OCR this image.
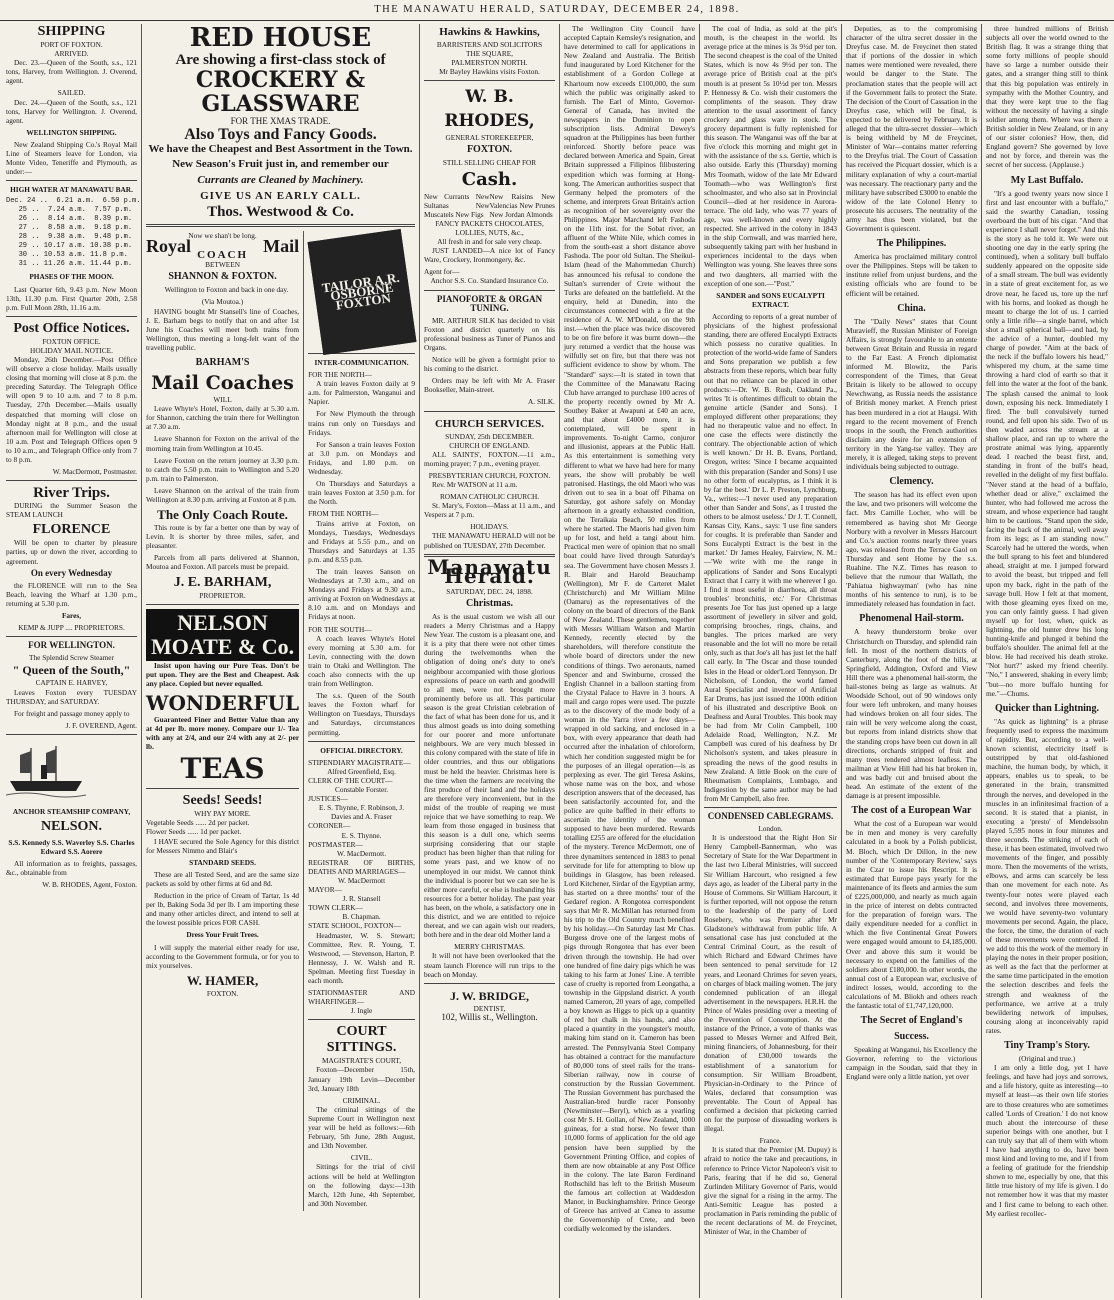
THE MANAWATU HERALD, SATURDAY, DECEMBER 24, 1898.
SHIPPING
PORT OF FOXTON.
ARRIVED.

Dec. 23.—Queen of the South, s.s., 121 tons, Harvey, from Wellington. J. Overend, agent.

SAILED.

Dec. 24.—Queen of the South, s.s., 121 tons, Harvey for Wellington. J. Overend, agent.

WELLINGTON SHIPPING.

New Zealand Shipping Co.'s Royal Mail Line of Steamers leave for London, via Monte Video, Teneriffe and Plymouth, as under:—

HIGH WATER AT MANAWATU BAR.
Dec. 24 ..  6.21 a.m.  6.50 p.m.
25 ..  7.24 a.m.  7.57 p.m.
26 ..  8.14 a.m.  8.39 p.m.
27 ..  8.58 a.m.  9.18 p.m.
28 ..  9.38 a.m.  9.48 p.m.
29 .. 10.17 a.m. 10.38 p.m.
30 .. 10.53 a.m. 11.8 p.m.
31 .. 11.26 a.m. 11.44 p.m.
PHASES OF THE MOON.

Last Quarter 6th, 9.43 p.m. New Moon 13th, 11.30 p.m. First Quarter 20th, 2.58 p.m. Full Moon 28th, 11.16 a.m.

Post Office Notices.
FOXTON OFFICE.
HOLIDAY MAIL NOTICE.

Monday, 26th December.—Post Office will observe a close holiday. Mails usually closing that morning will close at 8 p.m. the preceding Saturday. The Telegraph Office will open 9 to 10 a.m. and 7 to 8 p.m. Tuesday, 27th December.—Mails usually despatched that morning will close on Monday night at 8 p.m., and the usual afternoon mail for Wellington will close at 10 a.m. Post and Telegraph Offices open 9 to 10 a.m., and Telegraph Office only from 7 to 8 p.m.

W. MacDermott, Postmaster.
River Trips.

DURING the Summer Season the STEAM LAUNCH

FLORENCE

Will be open to charter by pleasure parties, up or down the river, according to agreement.

On every Wednesday

the FLORENCE will run to the Sea Beach, leaving the Wharf at 1.30 p.m., returning at 5.30 p.m.

Fares,
KEMP & JUPP .... PROPRIETORS.
FOR WELLINGTON.
The Splendid Screw Steamer
" Queen of the South,"
CAPTAIN E. HARVEY,

Leaves Foxton every TUESDAY THURSDAY, and SATURDAY.

For freight and passage money apply to

J. F. OVEREND, Agent.
ANCHOR STEAMSHIP COMPANY,
NELSON.
S.S. Kennedy S.S. Waverley S.S. Charles Edward S.S. Aorere

All information as to freights, passages, &c., obtainable from

W. B. RHODES, Agent, Foxton.
RED HOUSE
Are showing a first-class stock of
CROCKERY & GLASSWARE
FOR THE XMAS TRADE.
Also Toys and Fancy Goods.
We have the Cheapest and Best Assortment in the Town.
New Season's Fruit just in, and remember our
Currants are Cleaned by Machinery.
GIVE US AN EARLY CALL.
Thos. Westwood & Co.
Now we shan't be long.
Royal	Mail
COACH
BETWEEN
SHANNON & FOXTON.

Wellington to Foxton and back in one day.

(Via Moutoa.)

HAVING bought Mr Stansell's line of Coaches, J. E. Barham begs to notify that on and after 1st June his Coaches will meet both trains from Wellington, thus meeting a long-felt want of the travelling public.

BARHAM'S
Mail Coaches
WILL

Leave Whyte's Hotel, Foxton, daily at 5.30 a.m. for Shannon, catching the train there for Wellington at 7.30 a.m.

Leave Shannon for Foxton on the arrival of the morning train from Wellington at 10.45.

Leave Foxton on the return journey at 3.30 p.m. to catch the 5.50 p.m. train to Wellington and 5.20 p.m. train to Palmerston.

Leave Shannon on the arrival of the train from Wellington at 8.30 p.m. arriving at Foxton at 8 p.m.

The Only Coach Route.

This route is by far a better one than by way of Levin. It is shorter by three miles, safer, and pleasanter.

Parcels from all parts delivered at Shannon, Moutoa and Foxton. All parcels must be prepaid.

J. E. BARHAM,
PROPRIETOR.
NELSON MOATE & Co.

Insist upon having our Pure Teas. Don't be put upon. They are the Best and Cheapest. Ask any place. Copied but never equalled.

WONDERFUL

Guaranteed Finer and Better Value than any at 4d per lb. more money. Compare our 1/- Tea with any at 2/4, and our 2/4 with any at 2/- per lb.

TEAS
Seeds! Seeds!
WHY PAY MORE.
Vegetable Seeds ...... 2d per packet.
Flower Seeds ...... 1d per packet.

I HAVE secured the Sole Agency for this district for Messers Nimmo and Blair's

STANDARD SEEDS.

These are all Tested Seed, and are the same size packets as sold by other firms at 6d and 8d.

Reduction in the price of Cream of Tartar, 1s 4d per lb, Baking Soda 3d per lb. I am importing these and many other articles direct, and intend to sell at the lowest possible prices FOR CASH.

Dress Your Fruit Trees.

I will supply the material either ready for use, according to the Government formula, or for you to mix yourselves.

W. HAMER,
FOXTON.
TAILOR A.R. OSBORNE FOXTON
INTER-COMMUNICATION.
FOR THE NORTH—

A train leaves Foxton daily at 9 a.m. for Palmerston, Wanganui and Napier.

For New Plymouth the through trains run only on Tuesdays and Fridays.

For Sanson a train leaves Foxton at 3.0 p.m. on Mondays and Fridays, and 1.80 p.m. on Wednesday.

On Thursdays and Saturdays a train leaves Foxton at 3.50 p.m. for the North.

FROM THE NORTH—

Trains arrive at Foxton, on Mondays, Tuesdays, Wednesdays and Fridays at 5.55 p.m., and on Thursdays and Saturdays at 1.35 p.m. and 8.55 p.m.

The train leaves Sanson on Wednesdays at 7.30 a.m., and on Mondays and Fridays at 9.30 a.m., arriving at Foxton on Wednesdays at 8.10 a.m. and on Mondays and Fridays at noon.

FOR THE SOUTH—

A coach leaves Whyte's Hotel every morning at 5.30 a.m. for Levin, connecting with the down train to Otaki and Wellington. The coach also connects with the up train from Wellington.

The s.s. Queen of the South leaves the Foxton wharf for Wellington on Tuesdays, Thursdays and Saturdays, circumstances permitting.

OFFICIAL DIRECTORY.
STIPENDIARY MAGISTRATE—
Alfred Greenfield, Esq.
CLERK OF THE COURT—
Constable Forster.
JUSTICES—
E. S. Thynne, F. Robinson, J. Davies and A. Fraser
CORONER—
E. S. Thynne.
POSTMASTER—
W. MacDermott.
REGISTRAR OF BIRTHS, DEATHS AND MARRIAGES—
W. MacDermott
MAYOR—
J. R. Stansell
TOWN CLERK—
B. Chapman.
STATE SCHOOL, FOXTON—

Headmaster, W. S. Stewart; Committee, Rev. R. Young, T. Westwood, — Stevenson, Harton, P. Hennessy, J. W. Walsh and R. Spelman. Meeting first Tuesday in each month.

STATIONMASTER AND WHARFINGER—
J. Ingle
COURT SITTINGS.
MAGISTRATE'S COURT,

Foxton—December 15th, January 19th Levin—December 3rd, January 18th

CRIMINAL.

The criminal sittings of the Supreme Court in Wellington next year will be held as follows:—6th February, 5th June, 28th August, and 13th November.

CIVIL.

Sittings for the trial of civil actions will be held at Wellington on the following days:—13th March, 12th June, 4th September, and 30th November.

Hawkins & Hawkins,
BARRISTERS AND SOLICITORS
THE SQUARE,
PALMERSTON NORTH.
Mr Bayley Hawkins visits Foxton.
W. B. RHODES,
GENERAL STOREKEEPER,
FOXTON.
STILL SELLING CHEAP FOR
Cash.
New Currants New Sultanas New Muscatels New Figs
New Raisins New Valencias New Prunes New Jordan Almonds
FANCY PACKETS CHOCOLATES, LOLLIES, NUTS, &c.,
All fresh in and for sale very cheap.

JUST LANDED—A nice lot of Fancy Ware, Crockery, Ironmongery, &c.

Agent for—
Anchor S.S. Co. Standard Insurance Co.
PIANOFORTE & ORGAN TUNING.

MR. ARTHUR SILK has decided to visit Foxton and district quarterly on his professional business as Tuner of Pianos and Organs.

Notice will be given a fortnight prior to his coming to the district.

Orders may be left with Mr A. Fraser Bookseller, Main-street.

A. SILK.
CHURCH SERVICES.
SUNDAY, 25th DECEMBER.
CHURCH OF ENGLAND.

ALL SAINTS', FOXTON.—11 a.m., morning prayer; 7 p.m., evening prayer.

PRESBYTERIAN CHURCH, FOXTON.

Rev. Mr WATSON at 11 a.m.

ROMAN CATHOLIC CHURCH.

St. Mary's, Foxton—Mass at 11 a.m., and Vespers at 7 p.m.

HOLIDAYS.

THE MANAWATU HERALD will not be published on TUESDAY, 27th December.

Manawatu Herald.
SATURDAY, DEC. 24, 1898.
Christmas.

As is the usual custom we wish all our readers a Merry Christmas and a Happy New Year. The custom is a pleasant one, and it is a pity that there were not other times during the twelvemonths when the obligation of doing one's duty to one's neighbour accompanied with those glorious expressions of peace on earth and goodwill to all men, were not brought more prominently before us all. This particular season is the great Christian celebration of the fact of what has been done for us, and it thus almost goads us into doing something for our poorer and more unfortunate neighbours. We are very much blessed in this colony compared with the state of life in older countries, and thus our obligations must be held the heavier. Christmas here is the time when the farmers are receiving the first produce of their land and the holidays are therefore very inconvenient, but in the midst of the trouble of reaping we must rejoice that we have something to reap. We learn from those engaged in business that this season is a dull one, which seems surprising considering that our staple product has been higher than that ruling for some years past, and we know of no unemployed in our midst. We cannot think the individual is poorer but we can see he is either more careful, or else is husbanding his resources for a better holiday. The past year has been, on the whole, a satisfactory one in this district, and we are entitled to rejoice thereat, and we can again wish our readers, both here and in the dear old Mother land a

MERRY CHRISTMAS.

It will not have been overlooked that the steam launch Florence will run trips to the beach on Monday.

J. W. BRIDGE,
DENTIST,
102, Willis st., Wellington.

The Wellington City Council have accepted Captain Kemsley's resignation, and have determined to call for applications in New Zealand and Australia. The British fund inaugurated by Lord Kitchener for the establishment of a Gordon College at Khartoum now exceeds £100,000, the sum which the public was originally asked to furnish. The Earl of Minto, Governor-General of Canada, has invited the newspapers in the Dominion to open subscription lists. Admiral Dewey's squadron at the Philippines has been further reinforced. Shortly before peace was declared between America and Spain, Great Britain suppressed a Filipinos filibustering expedition which was forming at Hong-kong. The American authorities suspect that Germany helped the promoters of the scheme, and interprets Great Britain's action as recognition of her sovereignty over the Philippines. Major Marchand left Fashoda on the 11th inst. for the Sobat river, an affluent of the White Nile, which comes in from the south-east a short distance above Fashoda. The poor old Sultan. The Sheikul-Islam (head of the Mahommedan Church) has announced his refusal to condone the Sultan's surrender of Crete without the Turks are defeated on the battlefield. At the enquiry, held at Dunedin, into the circumstances connected with a fire at the residence of A. W. M'Donald, on the 9th inst.—when the place was twice discovered to be on fire before it was burnt down—the jury returned a verdict that the house was wilfully set on fire, but that there was not sufficient evidence to show by whom. The "Standard" says:—It is stated in town that the Committee of the Manawatu Racing Club have arranged to purchase 100 acres of the property recently owned by Mr A. Southey Baker at Awapuni at £40 an acre, and that about £4000 more, it is contemplated, will be spent in improvements. To-night Carmo, conjuror and illusionist, appears at the Public Hall. As this entertainment is something very different to what we have had here for many years, the show will probably be well patronised. Hastings, the old Maori who was driven out to sea in a boat off Pihama on Saturday, got ashore safely on Monday afternoon in a greatly exhausted condition, on the Teraikaia Beach, 50 miles from where he started. The Maoris had given him up for lost, and held a tangi about him. Practical men were of opinion that no small boat could have lived through Saturday's sea. The Government have chosen Messrs J. R. Blair and Harold Beauchamp (Wellington), Mr F. de Carteret Malet (Christchurch) and Mr William Milne (Oamaru) as the representatives of the colony on the board of directors of the Bank of New Zealand. These gentlemen, together with Messrs William Watson and Martin Kennedy, recently elected by the shareholders, will therefore constitute the whole board of directors under the new conditions of things. Two aeronauts, named Spencer and and Swinburne, crossed the English Channel in a balloon starting from the Crystal Palace to Havre in 3 hours. A mail and cargo ropes were used. The puzzle as to the discovery of the mode body of a woman in the Yarra river a few days—wrapped in old sacking, and enclosed in a box, with every appearance that death had occurred after the inhalation of chloroform, which her condition suggested might be for the purposes of an illegal operation—is as perplexing as ever. The girl Teresa Askins, whose name was on the box, and whose description answers that of the deceased, has been satisfactorily accounted for, and the police are quite baffled in their efforts to ascertain the identity of the woman supposed to have been murdered. Rewards totalling £255 are offered for the elucidation of the mystery. Terence McDermott, one of three dynamiters sentenced in 1883 to penal servitude for life for attempting to blow up buildings in Glasgow, has been released. Lord Kitchener, Sirdar of the Egyptian army, has started on a three months' tour of the Gedaref region. A Rongotea correspondent says that Mr R. McMillan has returned from his trip to the Old Country much benefited by his holiday.—On Saturday last Mr Chas. Burgess drove one of the largest mobs of pigs through Rongotea that has ever been driven through the township. He had over one hundred of fine dairy pigs which he was taking to his farm at Jones' Line. A terrible case of cruelty is reported from Leongatha, a township in the Gippsland district. A youth named Cameron, 20 years of age, compelled a boy known as Higgs to pick up a quantity of red hot chalk in his hands, and also placed a quantity in the youngster's mouth, making him stand on it. Cameron has been arrested. The Pennsylvania Steel Company has obtained a contract for the manufacture of 80,000 tons of steel rails for the trans-Siberian railway, now in course of construction by the Russian Government. The Russian Government has purchased the Australian-bred hurdle racer Ponsonby (Newminster—Beryl), which as a yearling cost Mr S. H. Gollan, of New Zealand, 1000 guineas, for a stud horse. No fewer than 10,000 forms of application for the old age pension have been supplied by the Government Printing Office, and copies of them are now obtainable at any Post Office in the colony. The late Baron Ferdinand Rothschild has left to the British Museum the famous art collection at Waddesdon Manor, in Buckinghamshire. Prince George of Greece has arrived at Canea to assume the Governorship of Crete, and been cordially welcomed by the islanders.

The coal of India, as sold at the pit's mouth, is the cheapest in the world. Its average price at the mines is 3s 9½d per ton. The second cheapest is the coal of the United States, which is now 4s 9½d per ton. The average price of British coal at the pit's mouth is at present 5s 10½d per ton. Messrs P. Hennessy & Co. wish their customers the compliments of the season. They draw attention to the usual assortment of fancy crockery and glass ware in stock. The grocery department is fully replenished for this season. The Wanganui was off the bar at five o'clock this morning and might get in with the assistance of the s.s. Gertie, which is also outside. Early this (Thursday) morning Mrs Toomath, widow of the late Mr Edward Toomath—who was Wellington's first schoolmaster, and who also sat in Provincial Council—died at her residence in Aurora-terrace. The old lady, who was 77 years of age, was well-known and every highly respected. She arrived in the colony in 1843 in the ship Cornwall, and was married here, subsequently taking part with her husband in experiences incidental to the days when Wellington was young. She leaves three sons and two daughters, all married with the exception of one son.—"Post."

SANDER and SONS EUCALYPTI EXTRACT.

According to reports of a great number of physicians of the highest professional standing, there are offered Eucalypti Extracts which possess no curative qualities. In protection of the world-wide fame of Sanders and Sons preparation we publish a few abstracts from these reports, which bear fully out that no reliance can be placed in other products:—Dr. W. B. Rush, Oakland Pa., writes 'It is oftentimes difficult to obtain the genuine article (Sander and Sons). I employed different other preparations; they had no therapeutic value and no effect. In one case the effects were distinctly the contrary. The objectionable action of which is well known.' Dr H. B. Evans, Portland, Oregon, writes: 'Since I became acquainted with this preparation (Sander and Sons) I use no other form of eucalyptus, as I think it is by far the best.' Dr L. P. Preston, Lynchburg, Va., writes:—'I never used any preparation other than Sander and Sons', as I trusted the others to be almost useless.' Dr J. T. Connell, Kansas City, Kans., says: 'I use fine sanders for coughs. It is preferable than Sander and Sons Eucalypti Extract is the best in the market.' Dr James Healey, Fairview, N. M.:—'We write with me the range in applications of Sander and Sons Eucalypti Extract that I carry it with me wherever I go. I find it most useful in diarrhoea, all throat troubles' bronchitis, etc.' For Christmas presents Joe Tor has just opened up a large assortment of jewellery in silver and gold, comprising brooches, rings, chains, and bangles. The prices marked are very reasonable and the lot will no more be retail only, such as that Joe's all has just let the half call early. In 'The Oscar and those tounded Isles in the Head or older'Lord Tennyson. Dr Nicholson, of London, the world famed Aural Specialist and inventor of Artificial Ear Drums, has just issued the 100th edition of his illustrated and descriptive Book on Deafness and Aural Troubles. This book may be had from Mr Colin Campbell, 100 Adelaide Road, Wellington, N.Z. Mr Campbell was cured of his deafness by Dr Nicholson's system, and takes pleasure in spreading the news of the good results in New Zealand. A little Book on the cure of Rheumatism Complaints, Lumbago, and Indigestion by the same author may be had from Mr Campbell, also free.

CONDENSED CABLEGRAMS.
London.

It is understood that the Right Hon Sir Henry Campbell-Bannerman, who was Secretary of State for the War Department in the last two Liberal Ministries, will succeed Sir William Harcourt, who resigned a few days ago, as leader of the Liberal party in the House of Commons. Sir William Harcourt, it is further reported, will not oppose the return to the leadership of the party of Lord Rosebery, who was Premier after Mr Gladstone's withdrawal from public life. A sensational case has just concluded at the Central Criminal Court, as the result of which Richard and Edward Chrimes have been sentenced to penal servitude for 12 years, and Leonard Chrimes for seven years, on charges of black mailing women. The jury condemned publication of an illegal advertisement in the newspapers. H.R.H. the Prince of Wales presiding over a meeting of the Prevention of Consumption. At the instance of the Prince, a vote of thanks was passed to Messrs Werner and Alfred Beit, mining financiers, of Johannesburg, for their donation of £30,000 towards the establishment of a sanatorium for consumption. Sir William Broadbent, Physician-in-Ordinary to the Prince of Wales, declared that consumption was preventable. The Court of Appeal has confirmed a decision that picketing carried on for the purpose of dissuading workers is illegal.

France.

It is stated that the Premier (M. Dupuy) is afraid to notice the take and precautions, in reference to Prince Victor Napoleon's visit to Paris, fearing that if he did so, General Zurlinden Military Governor of Paris, would give the signal for a rising in the army. The Anti-Semitic League has posted a proclamation in Paris reminding the public of the recent declarations of M. de Freycinet, Minister of War, in the Chamber of

Deputies, as to the compromising character of the ultra secret dossier in the Dreyfus case. M. de Freycinet then stated that if portions of the dossier in which names were mentioned were revealed, there would be danger to the State. The proclamation states that the people will act if the Government fails to protect the State. The decision of the Court of Cassation in the Dreyfus case, which will be final, is expected to be delivered by February. It is alleged that the ultra-secret dossier—which is being withheld by M de Freycinet, Minister of War—contains matter referring to the Dreyfus trial. The Court of Cassation has received the Picquart dossier, which is a military explanation of why a court-martial was necessary. The reactionary party and the military have subscribed £3000 to enable the widow of the late Colonel Henry to prosecute his accusers. The neutrality of the army has thus been violated, but the Government is quiescent.

The Philippines.

America has proclaimed military control over the Philippines. Steps will be taken to institute relief from unjust burdens, and the existing officials who are found to be efficient will be retained.

China.

The "Daily News" states that Count Muravieff, the Russian Minister of Foreign Affairs, is strongly favourable to an entente between Great Britain and Russia in regard to the Far East. A French diplomatist informed M. Blowitz, the Paris correspondent of the Times, that Great Britain is likely to be allowed to occupy Newchwang, as Russia needs the assistance of British money market. A French priest has been murdered in a riot at Haugsi. With regard to the recent movement of French troops in the south, the French authorities disclaim any desire for an extension of territory in the Yang-tse valley. They are merely, it is alleged, taking steps to prevent individuals being subjected to outrage.

Clemency.

The season has had its effect even upon the law, and two prisoners will welcome the fact. Mrs Camille Locher, who will be remembered as having shot Mr George Norbury with a revolver in Messrs Harcourt and Co.'s auction rooms nearly three years ago, was released from the Terrace Gaol on Thursday and sent Home by the s.s. Ruahine. The N.Z. Times has reason to believe that the rumour that Wallath, the 'Pahiatua highwayman' (who has nine months of his sentence to run), is to be immediately released has foundation in fact.

Phenomenal Hail-storm.

A heavy thunderstorm broke over Christchurch on Thursday, and splendid rain fell. In most of the northern districts of Canterbury, along the foot of the hills, at Springfield, Addington, Oxford and View Hill there was a phenomenal hail-storm, the hail-stones being as large as walnuts. At Woodside School, out of 90 windows only four were left unbroken, and many houses had windows broken on all four sides. The rain will be very welcome along the coast, but reports from inland districts show that the standing crops have been cut down in all directions, orchards stripped of fruit and many trees rendered almost leafless. The mailman at View Hill had his hat broken in, and was badly cut and bruised about the head. An estimate of the extent of the damage is at present impossible.

The cost of a European War

What the cost of a European war would be in men and money is very carefully calculated in a book by a Polish publicist, M. Bloch, which Dr Dillon, in the new number of the 'Contemporary Review,' says in the Czar to issue his Rescript. It is estimated that Europe pays yearly for the maintenance of its fleets and armies the sum of £225,000,000, and nearly as much again in the price of interest on debts contracted for the preparation of foreign wars. The daily expenditure needed for a conflict in which the five Continental Great Powers were engaged would amount to £4,185,000. Over and above this sum it would be necessary to expend on the families of the soldiers about £180,000. In other words, the annual cost of a European war, exclusive of indirect losses, would, according to the calculations of M. Bliokh and others reach the fantastic total of £1,747,120,000.

The Secret of England's Success.

Speaking at Wanganui, his Excellency the Governor, referring to the victorious campaign in the Soudan, said that they in England were only a little nation, yet over

three hundred millions of British subjects all over the world owned to the British flag. It was a strange thing that some forty millions of people should have so large a number outside their gates, and a stranger thing still to think that this big population was entirely in sympathy with the Mother Country, and that they were kept true to the flag without the necessity of having a single soldier among them. Where was there a British soldier in New Zealand, or in any of our sister colonies? How, then, did England govern? She governed by love and not by force, and therein was the secret of her success. (Applause.)

My Last Buffalo.

"It's a good twenty years now since I first and last encounter with a buffalo," said the swarthy Canadian, tossing overboard the butt of his cigar. "And that experience I shall never forget." And this is the story as he told it. We were out shooting one day in the early spring (he continued), when a solitary bull buffalo suddenly appeared on the opposite side of a small stream. The bull was evidently in a state of great excitement for, as we drove near, he faced us, tore up the turf with his horns, and looked as though he meant to charge the lot of us. I carried only a little rifle—a single barrel, which shot a small spherical ball—and had, by the advice of a hunter, doubled my charge of powder. "Aim at the back of the neck if the buffalo lowers his head," whispered my chum, at the same time throwing a hard clod of earth so that it fell into the water at the foot of the bank. The splash caused the animal to look down, exposing his neck. Immediately I fired. The bull convulsively turned round, and fell upon his side. Two of us then waded across the stream at a shallow place, and ran up to where the prostrate animal was lying, apparently dead. I reached the beast first, and, standing in front of the bull's head, revelled in the delight of my first buffalo. "Never stand at the head of a buffalo, whether dead or alive," exclaimed the hunter, who had followed me across the stream, and whose experience had taught him to be cautious. "Stand upon the side, facing the back of the animal, well away from its legs; as I am standing now." Scarcely had he uttered the words, when the bull sprang to his feet and blundered ahead, straight at me. I jumped forward to avoid the beast, but tripped and fell upon my back, right in the path of the savage bull. How I felt at that moment, with those gleaming eyes fixed on me, you can only faintly guess. I had given myself up for lost, when, quick as lightning, the old hunter drew his long hunting-knife and plunged it behind the buffalo's shoulder. The animal fell at the blow. He had received his death stroke. "Not hurt?" asked my friend cheerily. "No," I answered, shaking in every limb; "but—no more buffalo hunting for me."—Chums.

Quicker than Lightning.

"As quick as lightning" is a phrase frequently used to express the maximum of rapidity. But, according to a well-known scientist, electricity itself is outstripped by that old-fashioned machine, the human body, by which, it appears, enables us to speak, to be generated in the brain, transmitted through the nerves, and developed in the muscles in an infinitesimal fraction of a second. It is stated that a pianist, in executing a 'presto' of Mendelssohn played 5,595 notes in four minutes and three seconds. The striking of each of these, it has been estimated, involved two movements of the finger, and possibly more. Then the movements of the wrists, elbows, and arms can scarcely be less than one movement for each note. As twenty-four notes were played each second, and involves three movements, we would have seventy-two voluntary movements per second. Again, the place, the force, the time, the duration of each of these movements were controlled. If we add to this the work of the memory in playing the notes in their proper position, as well as the fact that the performer at the same time participated in the emotion the selection describes and feels the strength and weakness of the performance, we arrive at a truly bewildering network of impulses, coursing along at inconceivably rapid rates.

Tiny Tramp's Story.
(Original and true.)

I am only a little dog, yet I have feelings, and have had joys and sorrows, and a life history, quite as interesting—to myself at least—as their own life stories are to those creatures who are sometimes called 'Lords of Creation.' I do not know much about the intercourse of these superior beings with one another, but I can truly say that all of them with whom I have had anything to do, have been most kind and loving to me, and if I from a feeling of gratitude for the friendship shown to me, especially by one, that this little true history of my life is given. I do not remember how it was that my master and I first came to belong to each other. My earliest recollec-
